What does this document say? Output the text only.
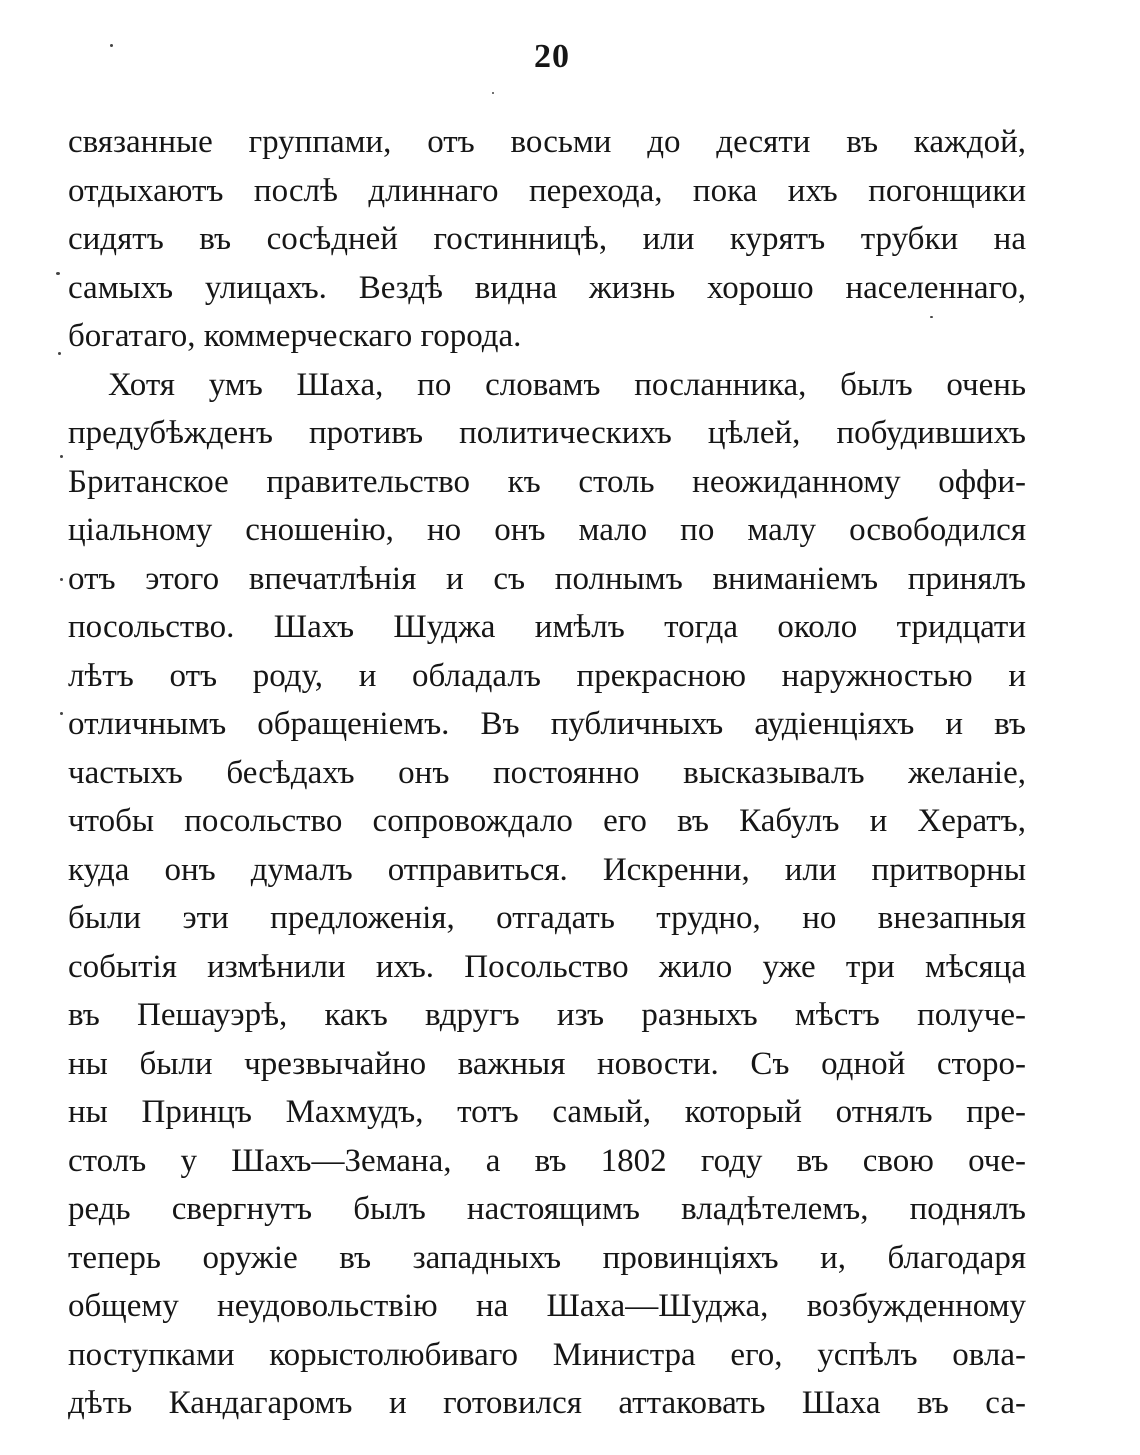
20
связанные группами, отъ восьми до десяти въ каждой,
отдыхаютъ послѣ длиннаго перехода, пока ихъ погонщики
сидятъ въ сосѣдней гостинницѣ, или курятъ трубки на
самыхъ улицахъ. Вездѣ видна жизнь хорошо населеннаго,
богатаго, коммерческаго города.
Хотя умъ Шаха, по словамъ посланника, былъ очень
предубѣжденъ противъ политическихъ цѣлей, побудившихъ
Британское правительство къ столь неожиданному оффи-
ціальному сношенію, но онъ мало по малу освободился
отъ этого впечатлѣнія и съ полнымъ вниманіемъ принялъ
посольство. Шахъ Шуджа имѣлъ тогда около тридцати
лѣтъ отъ роду, и обладалъ прекрасною наружностью и
отличнымъ обращеніемъ. Въ публичныхъ аудіенціяхъ и въ
частыхъ бесѣдахъ онъ постоянно высказывалъ желаніе,
чтобы посольство сопровождало его въ Кабулъ и Хератъ,
куда онъ думалъ отправиться. Искренни, или притворны
были эти предложенія, отгадать трудно, но внезапныя
событія измѣнили ихъ. Посольство жило уже три мѣсяца
въ Пешауэрѣ, какъ вдругъ изъ разныхъ мѣстъ получе-
ны были чрезвычайно важныя новости. Съ одной сторо-
ны Принцъ Махмудъ, тотъ самый, который отнялъ пре-
столъ у Шахъ—Земана, а въ 1802 году въ свою оче-
редь свергнутъ былъ настоящимъ владѣтелемъ, поднялъ
теперь оружіе въ западныхъ провинціяхъ и, благодаря
общему неудовольствію на Шаха—Шуджа, возбужденному
поступками корыстолюбиваго Министра его, успѣлъ овла-
дѣть Кандагаромъ и готовился аттаковать Шаха въ са-
